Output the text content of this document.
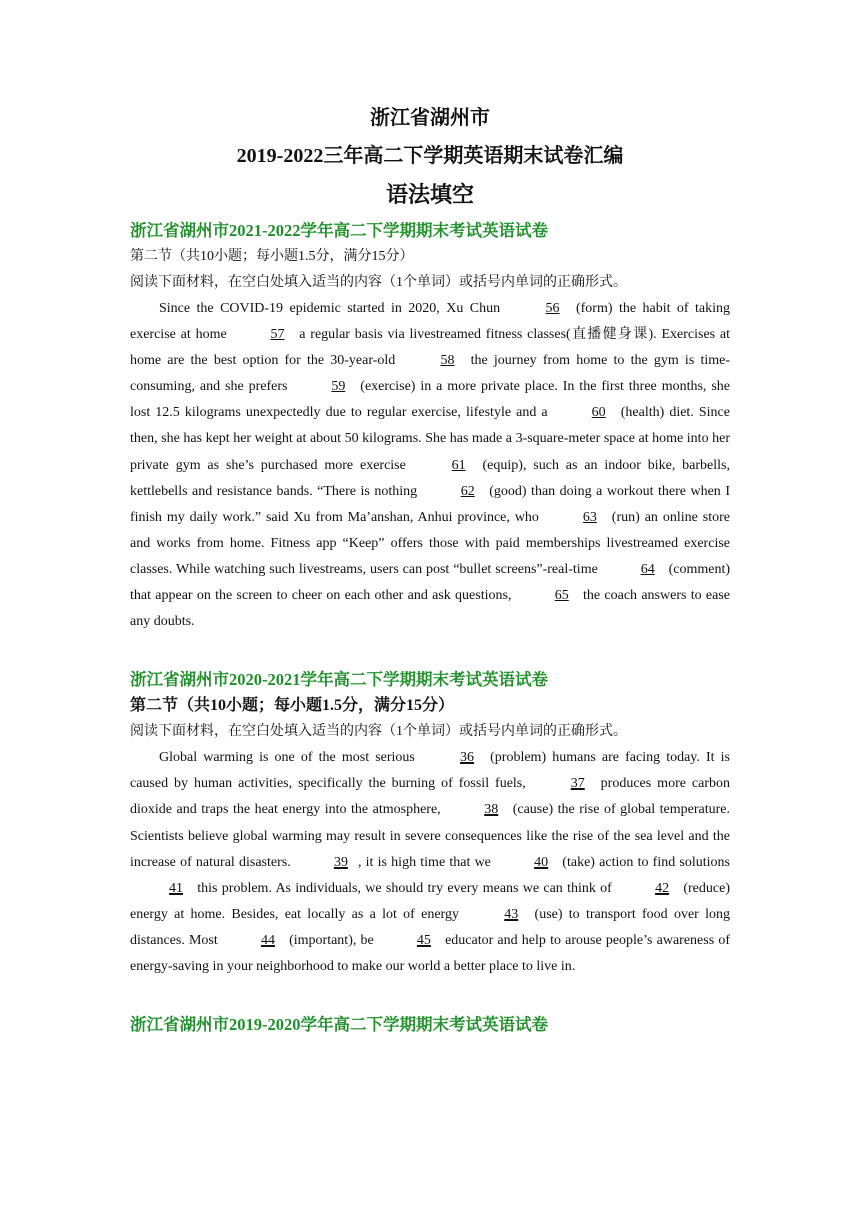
浙江省湖州市

2019-2022三年高二下学期英语期末试卷汇编

语法填空

浙江省湖州市2021-2022学年高二下学期期末考试英语试卷

第二节（共10小题；每小题1.5分，满分15分）

阅读下面材料，在空白处填入适当的内容（1个单词）或括号内单词的正确形式。

Since the COVID-19 epidemic started in 2020, Xu Chun	56 (form) the habit of taking exercise at home	57 a regular basis via livestreamed fitness classes(直播健身课). Exercises at home are the best option for the 30-year-old	58 the journey from home to the gym is time-consuming, and she prefers	59 (exercise) in a more private place. In the first three months, she lost 12.5 kilograms unexpectedly due to regular exercise, lifestyle and a	60 (health) diet. Since then, she has kept her weight at about 50 kilograms. She has made a 3-square-meter space at home into her private gym as she’s purchased more exercise	61 (equip), such as an indoor bike, barbells, kettlebells and resistance bands. “There is nothing	62 (good) than doing a workout there when I finish my daily work.” said Xu from Ma’anshan, Anhui province, who	63 (run) an online store and works from home. Fitness app “Keep” offers those with paid memberships livestreamed exercise classes. While watching such livestreams, users can post “bullet screens”-real-time	64 (comment) that appear on the screen to cheer on each other and ask questions,	65 the coach answers to ease any doubts.

浙江省湖州市2020-2021学年高二下学期期末考试英语试卷

第二节（共10小题；每小题1.5分，满分15分）

阅读下面材料，在空白处填入适当的内容（1个单词）或括号内单词的正确形式。

Global warming is one of the most serious	36 (problem) humans are facing today. It is caused by human activities, specifically the burning of fossil fuels,	37 produces more carbon dioxide and traps the heat energy into the atmosphere,	38 (cause) the rise of global temperature. Scientists believe global warming may result in severe consequences like the rise of the sea level and the increase of natural disasters.	39 , it is high time that we	40 (take) action to find solutions 41 this problem. As individuals, we should try every means we can think of	42 (reduce) energy at home. Besides, eat locally as a lot of energy	43 (use) to transport food over long distances. Most	44 (important), be	45 educator and help to arouse people’s awareness of energy-saving in your neighborhood to make our world a better place to live in.

浙江省湖州市2019-2020学年高二下学期期末考试英语试卷
